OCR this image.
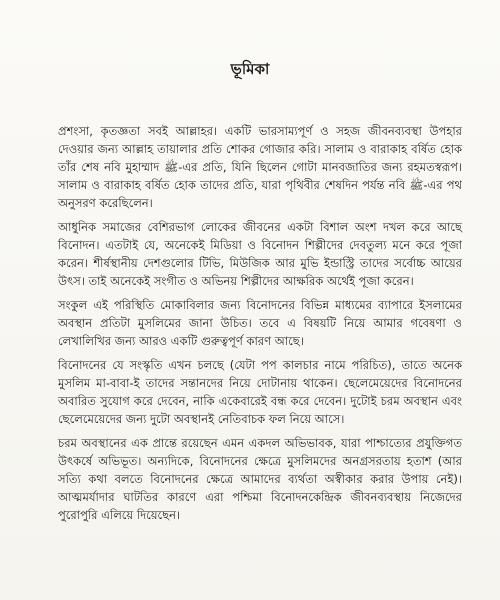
ভূমিকা

প্রশংসা, কৃতজ্ঞতা সবই আল্লাহর। একটি ভারসাম্যপূর্ণ ও সহজ জীবনব্যবস্থা উপহার দেওয়ার জন্য আল্লাহ তায়ালার প্রতি শোকর গোজার করি। সালাম ও বারাকাহ বর্ষিত হোক তাঁর শেষ নবি মুহাম্মাদ ﷺ-এর প্রতি, যিনি ছিলেন গোটা মানবজাতির জন্য রহমতস্বরূপ। সালাম ও বারাকাহ বর্ষিত হোক তাদের প্রতি, যারা পৃথিবীর শেষদিন পর্যন্ত নবি ﷺ-এর পথ অনুসরণ করেছিলেন।

আধুনিক সমাজের বেশিরভাগ লোকের জীবনের একটা বিশাল অংশ দখল করে আছে বিনোদন। এতটাই যে, অনেকেই মিডিয়া ও বিনোদন শিল্পীদের দেবতুল্য মনে করে পূজা করেন। শীর্ষস্থানীয় দেশগুলোর টিভি, মিউজিক আর মুভি ইন্ডাস্ট্রি তাদের সর্বোচ্চ আয়ের উৎস। তাই অনেকেই সংগীত ও অভিনয় শিল্পীদের আক্ষরিক অর্থেই পূজা করেন।

সংকুল এই পরিস্থিতি মোকাবিলার জন্য বিনোদনের বিভিন্ন মাধ্যমের ব্যাপারে ইসলামের অবস্থান প্রতিটা মুসলিমের জানা উচিত। তবে এ বিষয়টি নিয়ে আমার গবেষণা ও লেখালিখির জন্য আরও একটি গুরুত্বপূর্ণ কারণ আছে।

বিনোদনের যে সংস্কৃতি এখন চলছে (যেটা পপ কালচার নামে পরিচিত), তাতে অনেক মুসলিম মা-বাবা-ই তাদের সন্তানদের নিয়ে দোটানায় থাকেন। ছেলেমেয়েদের বিনোদনের অবারিত সুযোগ করে দেবেন, নাকি একেবারেই বন্ধ করে দেবেন। দুটোই চরম অবস্থান এবং ছেলেমেয়েদের জন্য দুটো অবস্থানই নেতিবাচক ফল নিয়ে আসে।

চরম অবস্থানের এক প্রান্তে রয়েছেন এমন একদল অভিভাবক, যারা পাশ্চাত্যের প্রযুক্তিগত উৎকর্ষে অভিভূত। অন্যদিকে, বিনোদনের ক্ষেত্রে মুসলিমদের অনগ্রসরতায় হতাশ (আর সত্যি কথা বলতে বিনোদনের ক্ষেত্রে আমাদের ব্যর্থতা অস্বীকার করার উপায় নেই)। আত্মমর্যাদার ঘাটতির কারণে এরা পশ্চিমা বিনোদনকেন্দ্রিক জীবনব্যবস্থায় নিজেদের পুরোপুরি এলিয়ে দিয়েছেন।
